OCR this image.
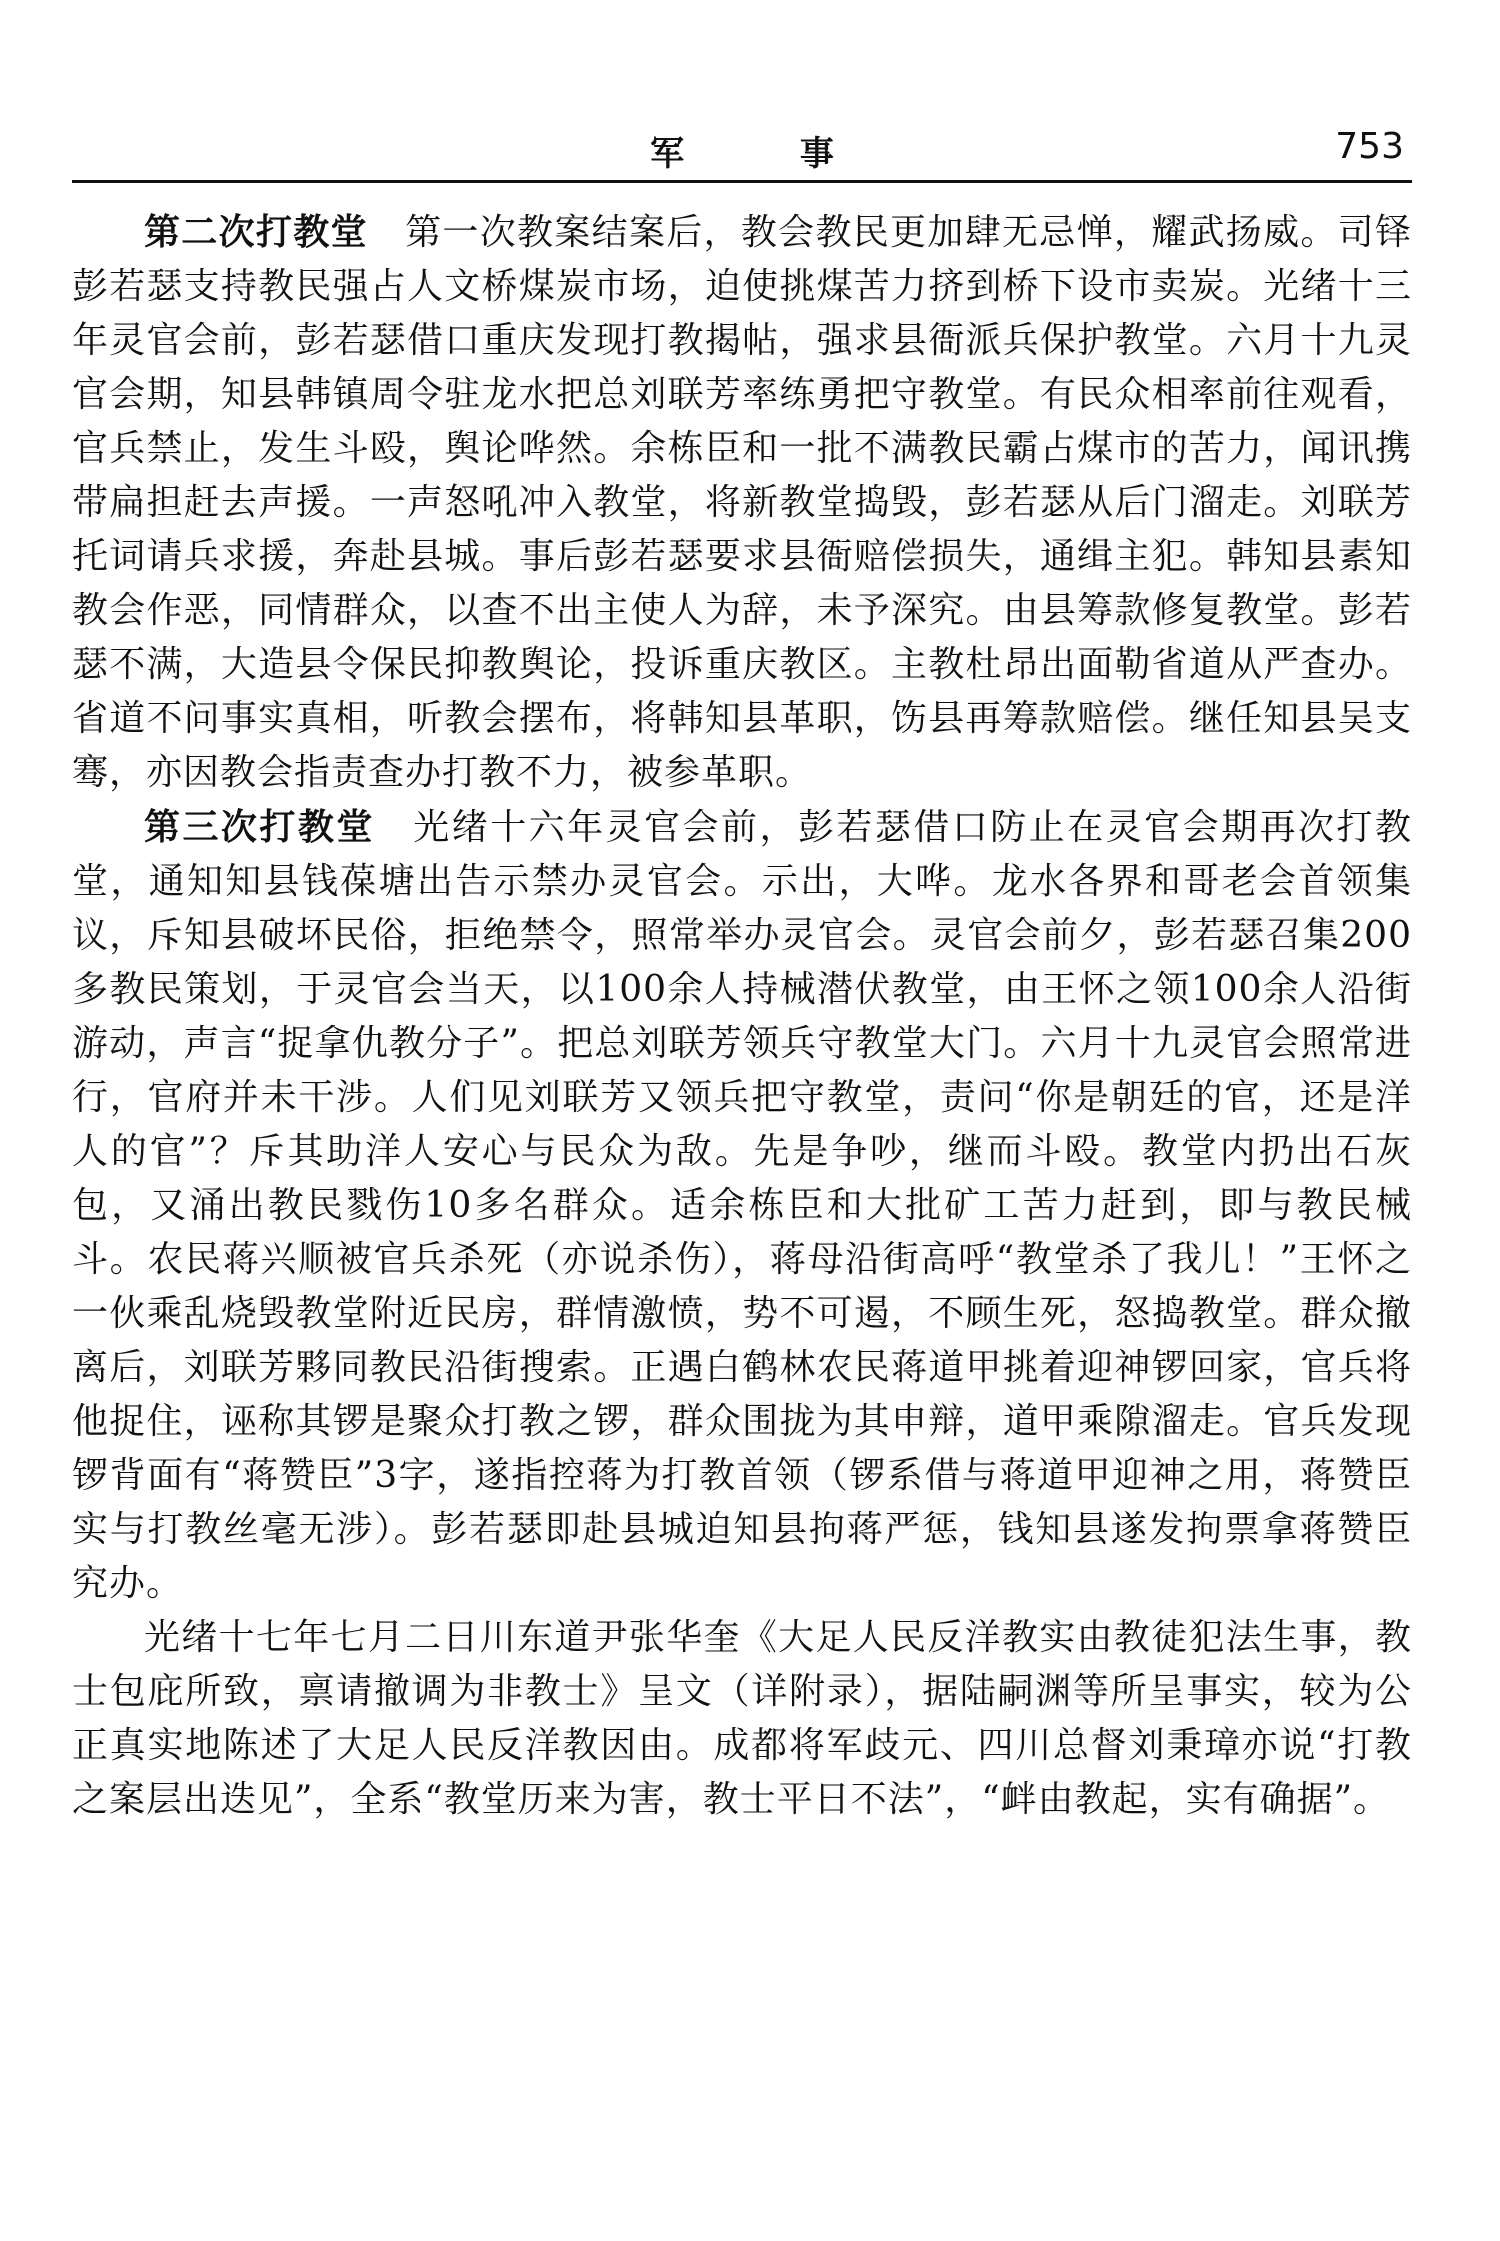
军 事	753

第二次打教堂　第一次教案结案后，教会教民更加肆无忌惮，耀武扬威。司铎彭若瑟支持教民强占人文桥煤炭市场，迫使挑煤苦力挤到桥下设市卖炭。光绪十三年灵官会前，彭若瑟借口重庆发现打教揭帖，强求县衙派兵保护教堂。六月十九灵官会期，知县韩镇周令驻龙水把总刘联芳率练勇把守教堂。有民众相率前往观看，官兵禁止，发生斗殴，舆论哗然。余栋臣和一批不满教民霸占煤市的苦力，闻讯携带扁担赶去声援。一声怒吼冲入教堂，将新教堂捣毁，彭若瑟从后门溜走。刘联芳托词请兵求援，奔赴县城。事后彭若瑟要求县衙赔偿损失，通缉主犯。韩知县素知教会作恶，同情群众，以查不出主使人为辞，未予深究。由县筹款修复教堂。彭若瑟不满，大造县令保民抑教舆论，投诉重庆教区。主教杜昂出面勒省道从严查办。省道不问事实真相，听教会摆布，将韩知县革职，饬县再筹款赔偿。继任知县吴支骞，亦因教会指责查办打教不力，被参革职。

第三次打教堂　光绪十六年灵官会前，彭若瑟借口防止在灵官会期再次打教堂，通知知县钱葆塘出告示禁办灵官会。示出，大哗。龙水各界和哥老会首领集议，斥知县破坏民俗，拒绝禁令，照常举办灵官会。灵官会前夕，彭若瑟召集200多教民策划，于灵官会当天，以100余人持械潜伏教堂，由王怀之领100余人沿街游动，声言“捉拿仇教分子”。把总刘联芳领兵守教堂大门。六月十九灵官会照常进行，官府并未干涉。人们见刘联芳又领兵把守教堂，责问“你是朝廷的官，还是洋人的官”？斥其助洋人安心与民众为敌。先是争吵，继而斗殴。教堂内扔出石灰包，又涌出教民戮伤10多名群众。适余栋臣和大批矿工苦力赶到，即与教民械斗。农民蒋兴顺被官兵杀死（亦说杀伤），蒋母沿街高呼“教堂杀了我儿！”王怀之一伙乘乱烧毁教堂附近民房，群情激愤，势不可遏，不顾生死，怒捣教堂。群众撤离后，刘联芳夥同教民沿街搜索。正遇白鹤林农民蒋道甲挑着迎神锣回家，官兵将他捉住，诬称其锣是聚众打教之锣，群众围拢为其申辩，道甲乘隙溜走。官兵发现锣背面有“蒋赞臣”3字，遂指控蒋为打教首领（锣系借与蒋道甲迎神之用，蒋赞臣实与打教丝毫无涉）。彭若瑟即赴县城迫知县拘蒋严惩，钱知县遂发拘票拿蒋赞臣究办。

光绪十七年七月二日川东道尹张华奎《大足人民反洋教实由教徒犯法生事，教士包庇所致，禀请撤调为非教士》呈文（详附录），据陆嗣渊等所呈事实，较为公正真实地陈述了大足人民反洋教因由。成都将军歧元、四川总督刘秉璋亦说“打教之案层出迭见”，全系“教堂历来为害，教士平日不法”，“衅由教起，实有确据”。
